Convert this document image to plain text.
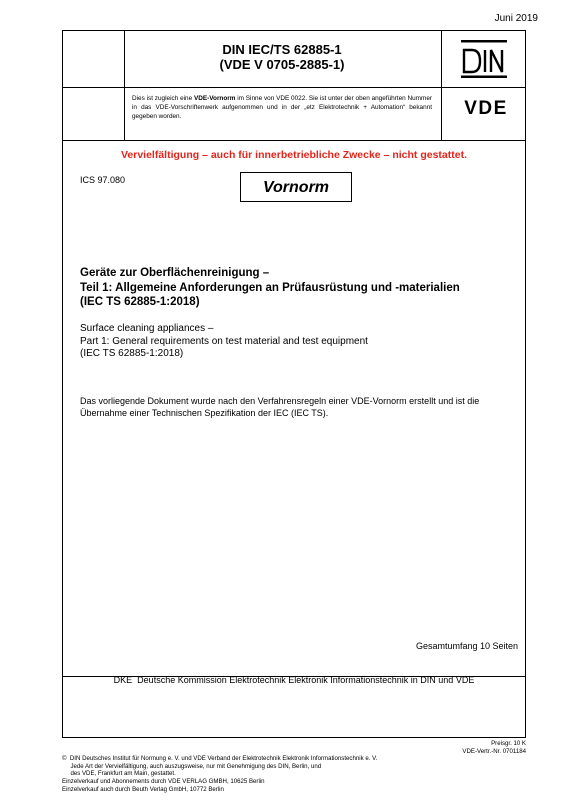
Juni 2019
DIN IEC/TS 62885-1
(VDE V 0705-2885-1)
Dies ist zugleich eine VDE-Vornorm im Sinne von VDE 0022. Sie ist unter der oben angeführten Nummer in das VDE-Vorschriftenwerk aufgenommen und in der „etz Elektrotechnik + Automation“ bekannt gegeben worden.	VDE
Vervielfältigung – auch für innerbetriebliche Zwecke – nicht gestattet.
ICS 97.080	Vornorm
Geräte zur Oberflächenreinigung –
Teil 1: Allgemeine Anforderungen an Prüfausrüstung und -materialien
(IEC TS 62885-1:2018)
Surface cleaning appliances –
Part 1: General requirements on test material and test equipment
(IEC TS 62885-1:2018)
Das vorliegende Dokument wurde nach den Verfahrensregeln einer VDE-Vornorm erstellt und ist die Übernahme einer Technischen Spezifikation der IEC (IEC TS).
Gesamtumfang 10 Seiten
DKE  Deutsche Kommission Elektrotechnik Elektronik Informationstechnik in DIN und VDE

©  DIN Deutsches Institut für Normung e. V. und VDE Verband der Elektrotechnik Elektronik Informationstechnik e. V.
Jede Art der Vervielfältigung, auch auszugsweise, nur mit Genehmigung des DIN, Berlin, und
des VDE, Frankfurt am Main, gestattet.
Einzelverkauf und Abonnements durch VDE VERLAG GMBH, 10625 Berlin
Einzelverkauf auch durch Beuth Verlag GmbH, 10772 Berlin

Preisgr. 10 K
VDE-Vertr.-Nr. 0701184
